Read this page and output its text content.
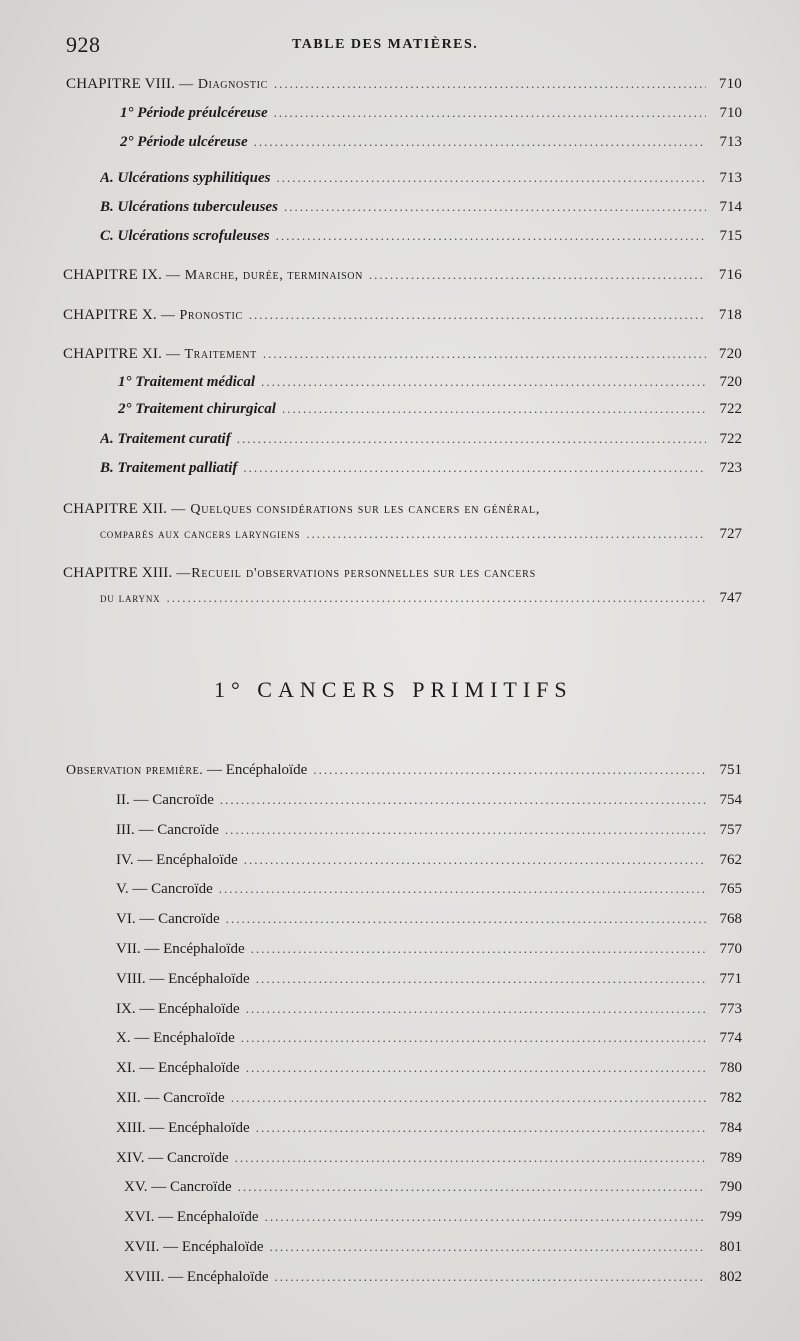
928	TABLE DES MATIÈRES.
CHAPITRE VIII. — Diagnostic .....	710
1° Période préulcéreuse .....	710
2° Période ulcéreuse .....	713
A. Ulcérations syphilitiques .....	713
B. Ulcérations tuberculeuses .....	714
C. Ulcérations scrofuleuses .....	715
CHAPITRE IX. — Marche, durée, terminaison .....	716
CHAPITRE X. — Pronostic .....	718
CHAPITRE XI. — Traitement .....	720
1° Traitement médical .....	720
2° Traitement chirurgical .....	722
A. Traitement curatif .....	722
B. Traitement palliatif .....	723
CHAPITRE XII. — Quelques considérations sur les cancers en général,
comparés aux cancers laryngiens .....	727
CHAPITRE XIII. —Recueil d'observations personnelles sur les cancers
du larynx .....	747
1° CANCERS PRIMITIFS
Observation première. — Encéphaloïde .....	751
II. — Cancroïde .....	754
III. — Cancroïde .....	757
IV. — Encéphaloïde .....	762
V. — Cancroïde .....	765
VI. — Cancroïde .....	768
VII. — Encéphaloïde .....	770
VIII. — Encéphaloïde .....	771
IX. — Encéphaloïde .....	773
X. — Encéphaloïde .....	774
XI. — Encéphaloïde .....	780
XII. — Cancroïde .....	782
XIII. — Encéphaloïde .....	784
XIV. — Cancroïde .....	789
XV. — Cancroïde .....	790
XVI. — Encéphaloïde .....	799
XVII. — Encéphaloïde .....	801
XVIII. — Encéphaloïde .....	802
